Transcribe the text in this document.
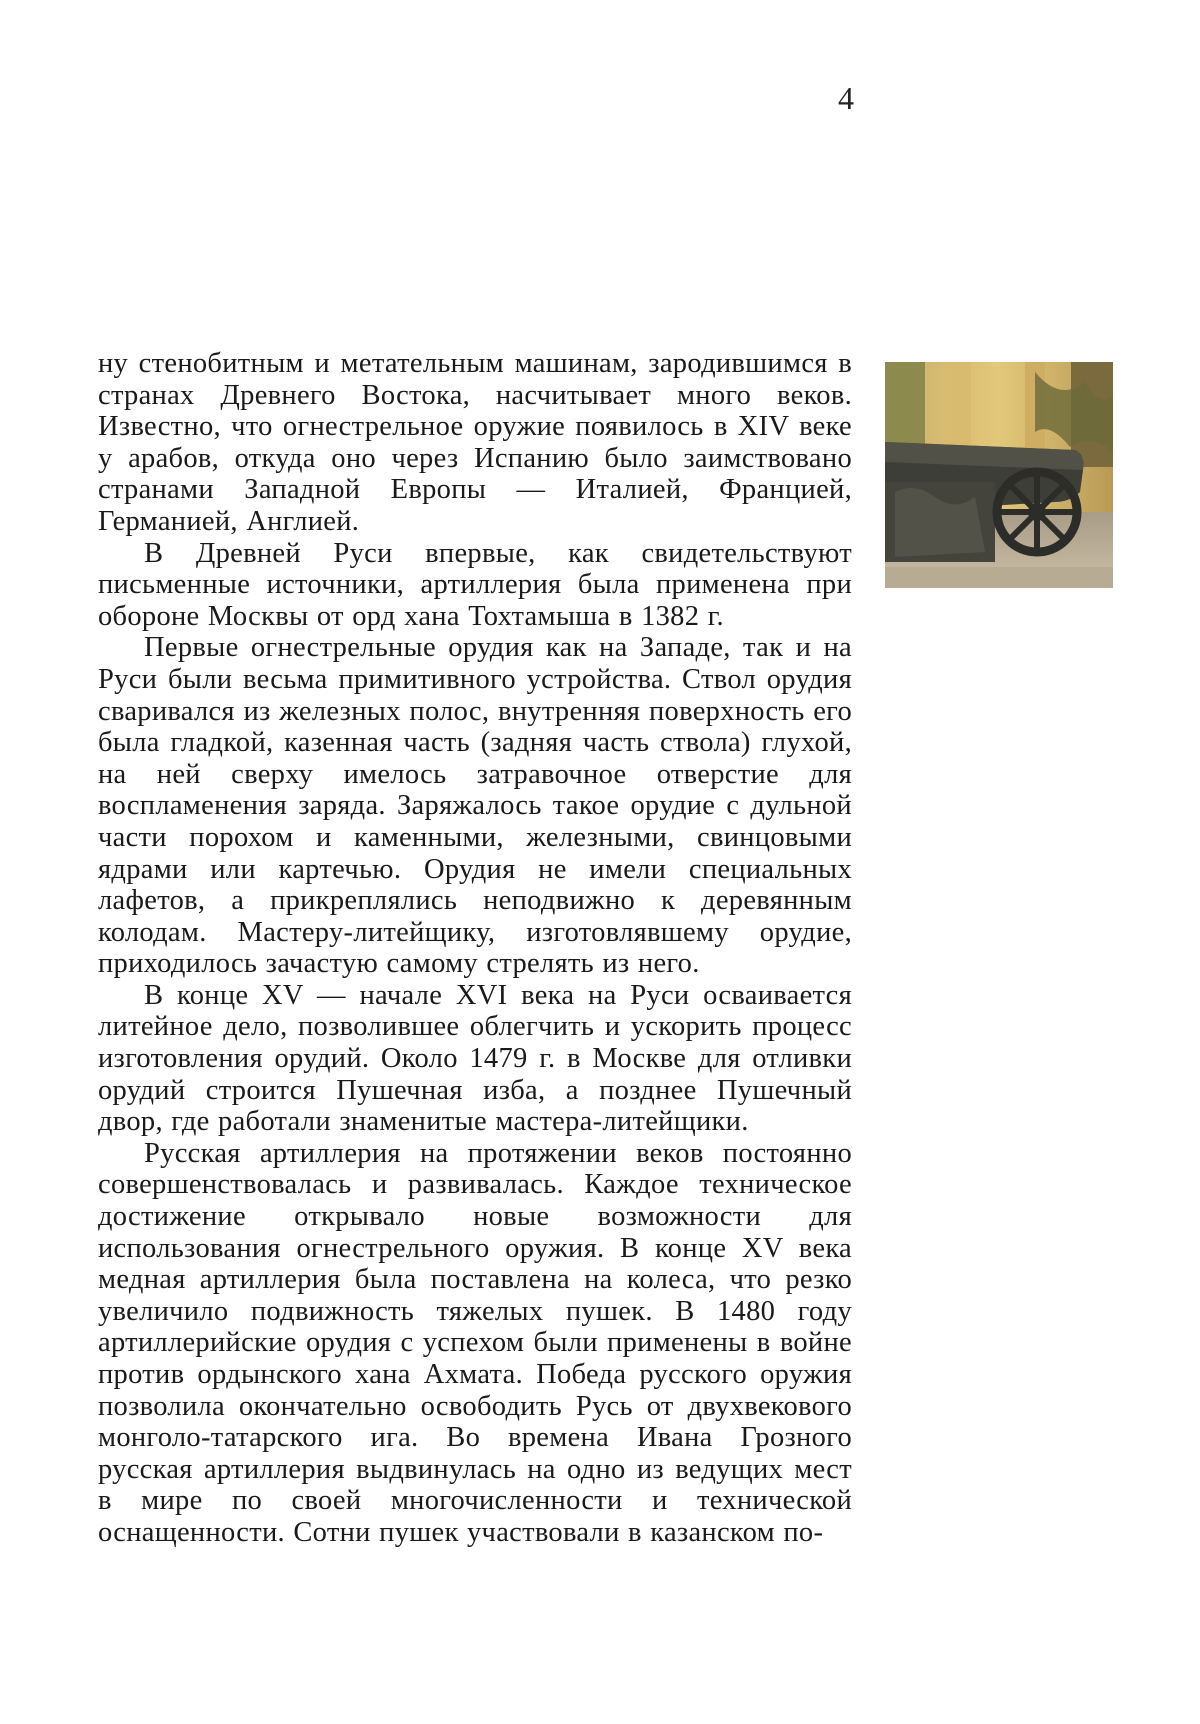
4

ну стенобитным и метательным машинам, зародившимся в странах Древнего Востока, насчитывает много веков. Известно, что огнестрельное оружие появилось в XIV веке у арабов, откуда оно через Испанию было заимствовано странами Западной Европы — Италией, Францией, Германией, Англией.

В Древней Руси впервые, как свидетельствуют письменные источники, артиллерия была применена при обороне Москвы от орд хана Тохтамыша в 1382 г.

Первые огнестрельные орудия как на Западе, так и на Руси были весьма примитивного устройства. Ствол орудия сваривался из железных полос, внутренняя поверхность его была гладкой, казенная часть (задняя часть ствола) глухой, на ней сверху имелось затравочное отверстие для воспламенения заряда. Заряжалось такое орудие с дульной части порохом и каменными, железными, свинцовыми ядрами или картечью. Орудия не имели специальных лафетов, а прикреплялись неподвижно к деревянным колодам. Мастеру-литейщику, изготовлявшему орудие, приходилось зачастую самому стрелять из него.

В конце XV — начале XVI века на Руси осваивается литейное дело, позволившее облегчить и ускорить процесс изготовления орудий. Около 1479 г. в Москве для отливки орудий строится Пушечная изба, а позднее Пушечный двор, где работали знаменитые мастера-литейщики.

Русская артиллерия на протяжении веков постоянно совершенствовалась и развивалась. Каждое техническое достижение открывало новые возможности для использования огнестрельного оружия. В конце XV века медная артиллерия была поставлена на колеса, что резко увеличило подвижность тяжелых пушек. В 1480 году артиллерийские орудия с успехом были применены в войне против ордынского хана Ахмата. Победа русского оружия позволила окончательно освободить Русь от двухвекового монголо-татарского ига. Во времена Ивана Грозного русская артиллерия выдвинулась на одно из ведущих мест в мире по своей многочисленности и технической оснащенности. Сотни пушек участвовали в казанском по-
